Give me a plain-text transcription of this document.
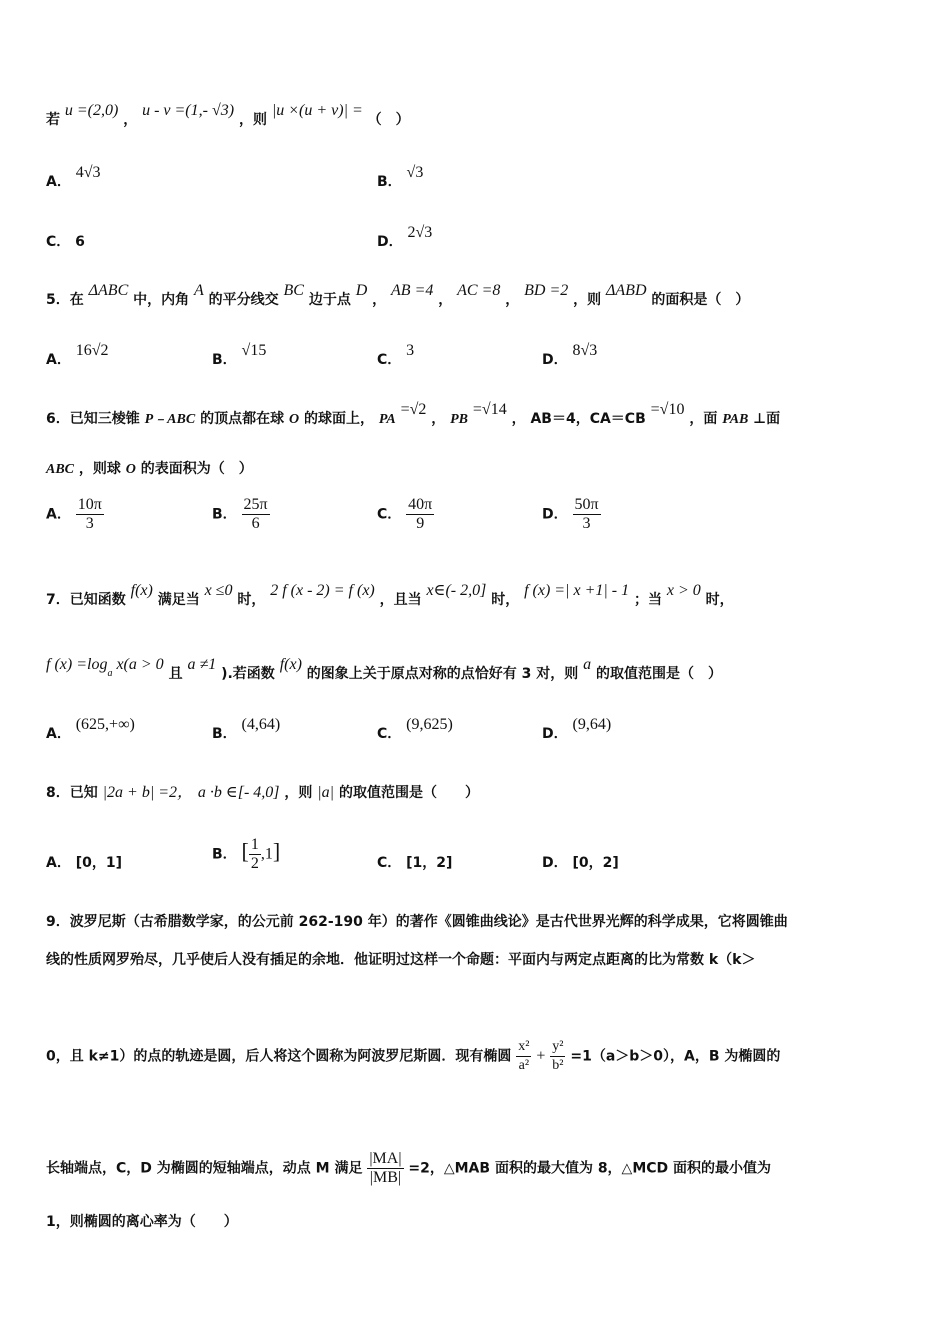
若 u =(2,0) ， u - v =(1,- √3) ，则 |u ×(u + v)| = （　）
A． 4√3
B． √3
C． 6	D． 2√3
5．在 ΔABC 中，内角 A 的平分线交 BC 边于点 D ， AB =4 ， AC =8 ， BD =2 ，则 ΔABD 的面积是（　）
A． 16√2
B． √15
C． 3
D． 8√3
6．已知三棱锥 P﹣ABC 的顶点都在球 O 的球面上， PA =√2 ， PB =√14 ， AB＝4，CA＝CB =√10 ，面 PAB ⊥面
ABC ，则球 O 的表面积为（　）
A． $\frac{10\pi}{3}$	B． $\frac{25\pi}{6}$	C． $\frac{40\pi}{9}$	D． $\frac{50\pi}{3}$
7．已知函数 f(x) 满足当 x ≤0 时， 2 f (x - 2) = f (x) ，且当 x∈(- 2,0] 时， f (x) =| x +1| - 1 ；当 x > 0 时，
f $(x) =\log_a$ x(a > 0 且 a ≠1 ).若函数 f(x) 的图象上关于原点对称的点恰好有 3 对，则 a 的取值范围是（　）
A． (625,+∞)
B． (4,64)
C． (9,625)
D． (9,64)
8．已知 |2a + b| =2， a ·b ∈[- 4,0] ，则 |a| 的取值范围是（　　）
A． [0，1]
B． [ $\frac{1}{2} ,1$]	C． [1，2]	D． [0，2]
9．波罗尼斯（古希腊数学家，的公元前 262-190 年）的著作《圆锥曲线论》是古代世界光辉的科学成果，它将圆锥曲
线的性质网罗殆尽，几乎使后人没有插足的余地．他证明过这样一个命题：平面内与两定点距离的比为常数 k（k＞
0，且 k≠1）的点的轨迹是圆，后人将这个圆称为阿波罗尼斯圆．现有椭圆 $\frac{\text{x²}}{\text{a²}} + \frac{\text{y²}}{\text{b²}} =1(a>b>0)$，A，B 为椭圆的
长轴端点，C，D 为椭圆的短轴端点，动点 M 满足 $\frac{|MA|}{|MB|} =2$，△MAB 面积的最大值为 8，△MCD 面积的最小值为
1，则椭圆的离心率为（　　）
